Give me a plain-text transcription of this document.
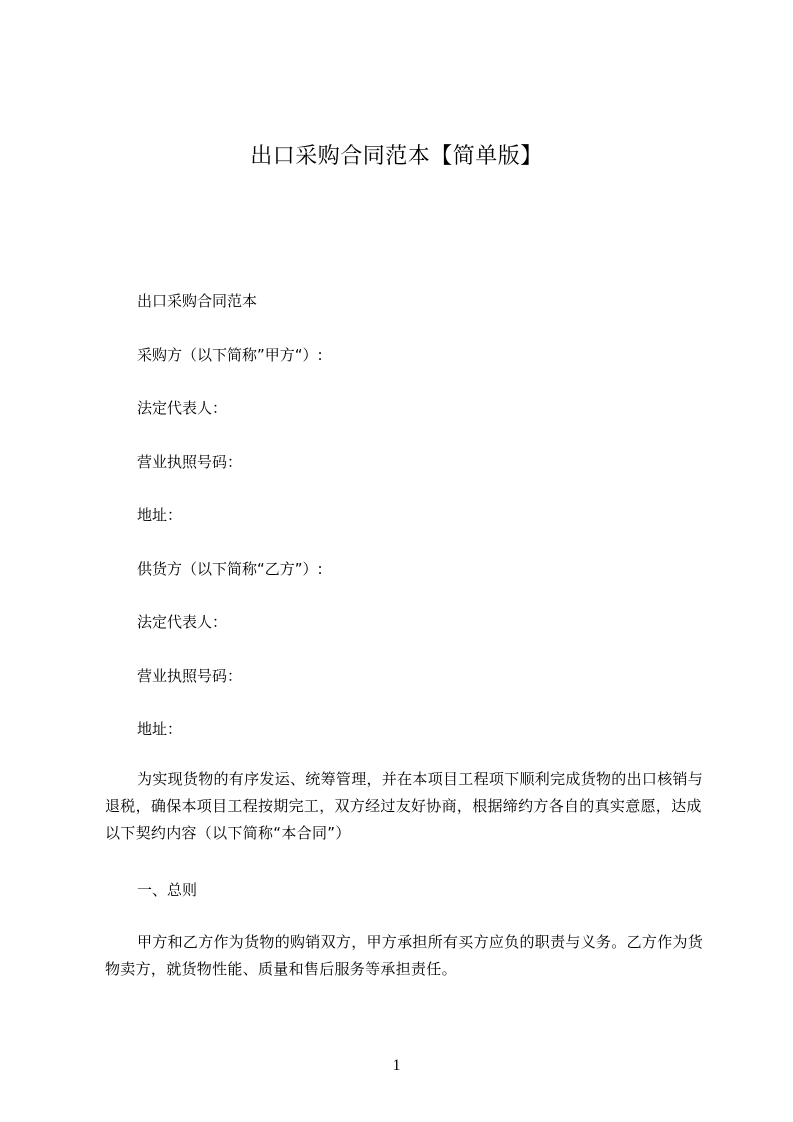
出口采购合同范本【简单版】
出口采购合同范本
采购方（以下简称”甲方“）:
法定代表人：
营业执照号码：
地址：
供货方（以下简称“乙方”）:
法定代表人：
营业执照号码：
地址：
为实现货物的有序发运、统筹管理，并在本项目工程项下顺利完成货物的出口核销与退税，确保本项目工程按期完工，双方经过友好协商，根据缔约方各自的真实意愿，达成以下契约内容（以下简称“本合同”）
一、总则
甲方和乙方作为货物的购销双方，甲方承担所有买方应负的职责与义务。乙方作为货物卖方，就货物性能、质量和售后服务等承担责任。
1
